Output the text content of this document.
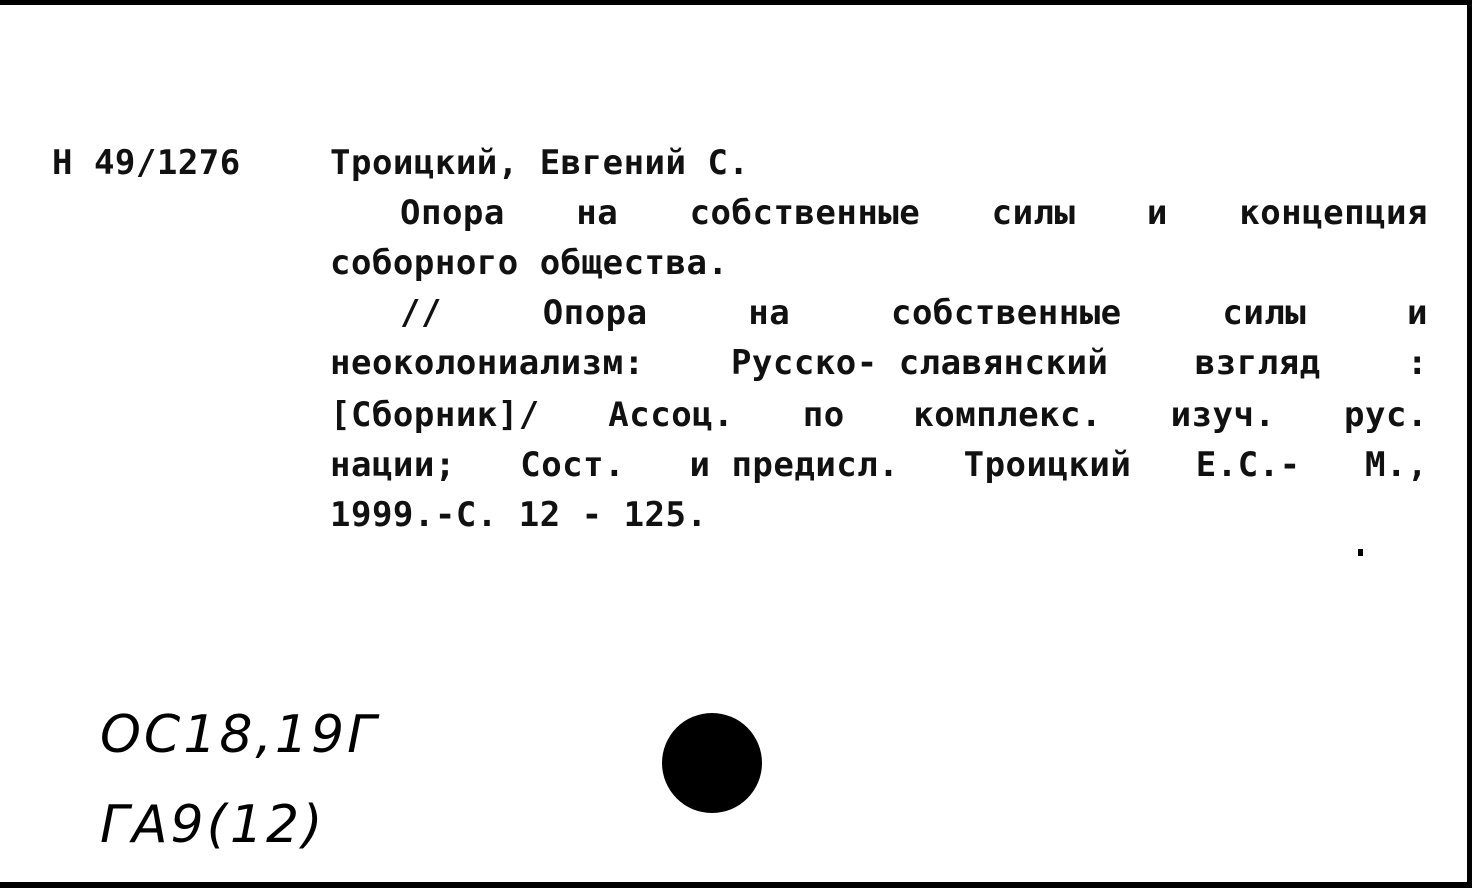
Н 49/1276	Троицкий, Евгений С.
Опора на собственные силы и концепция
соборного общества.
//	Опора	на	собственные	силы	и
неоколониализм:	Русско- славянский	взгляд	:
[Сборник]/ Ассоц. по комплекс. изуч. рус.
нации; Сост. и предисл. Троицкий Е.С.- М.,
1999.-С. 12 - 125.
ОС18,19Г
ГА9(12)
